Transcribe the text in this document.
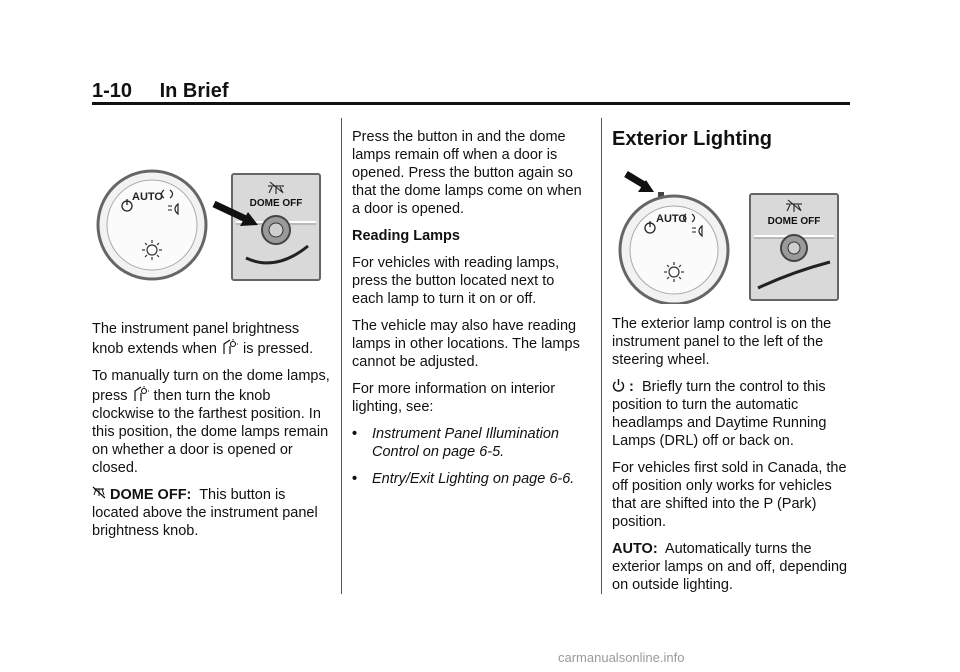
1-10 In Brief
AUTO
DOME OFF
AUTO	DOME OFF

The instrument panel brightness knob extends when is pressed.

To manually turn on the dome lamps, press then turn the knob clockwise to the farthest position. In this position, the dome lamps remain on whether a door is opened or closed.

DOME OFF: This button is located above the instrument panel brightness knob.

Press the button in and the dome lamps remain off when a door is opened. Press the button again so that the dome lamps come on when a door is opened.

Reading Lamps

For vehicles with reading lamps, press the button located next to each lamp to turn it on or off.

The vehicle may also have reading lamps in other locations. The lamps cannot be adjusted.

For more information on interior lighting, see:

•	Instrument Panel Illumination Control on page 6-5.
•	Entry/Exit Lighting on page 6-6.
Exterior Lighting

The exterior lamp control is on the instrument panel to the left of the steering wheel.

: Briefly turn the control to this position to turn the automatic headlamps and Daytime Running Lamps (DRL) off or back on.

For vehicles first sold in Canada, the off position only works for vehicles that are shifted into the P (Park) position.

AUTO: Automatically turns the exterior lamps on and off, depending on outside lighting.

carmanualsonline.info
